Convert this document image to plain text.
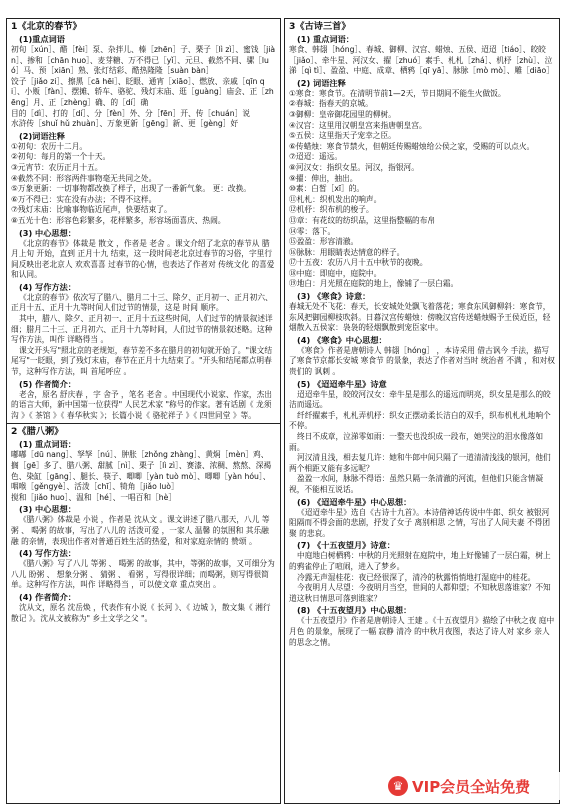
1《北京的春节》
(1)重点词语

初旬［xún］、醋［fèi］泵、杂拌儿、榛［zhēn］子、栗子［lì zì］、蜜饯［jiàn］、掺和［chān huo］、麦芽糖、万不得已［yǐ］、元旦、截然不同、骡［luó］马、预［xiān］熟、张灯结彩、酷热隆隆［suàn bàn］

饺子［jiǎo zi］、擦黑［cā hēi］、眨眼、通宵［xiāo］、燃放、亲戚［qīn qi］、小贩［fàn］、摆摊、轿车、骆驼、残灯末庙、逛［guàng］庙会、正［zhēng］月、正［zhèng］确、的［dí］确

目的［dì］、打的［dí］、分［fèn］外、分［fēn］开、传［chuán］说

水浒传［shuǐ hǔ zhuàn］、万象更新［gēng］新、更［gèng］好

(2)词语注释

①初旬：农历十二月。

②初旬：每月的第一个十天。

③元宵节：农历正月十五。

④截然不同：形容两件事物毫无共同之处。

⑤万象更新：一切事物都改换了样子，出现了一番新气象。 更：改换。

⑥万不得已：实在没有办法；不得不这样。

⑦残灯末庙：比喻事物临近尾声，快要结束了。

⑧五光十色：形容色彩繁多，花样繁多，形容场面喜庆、热闹。

(3) 中心思想：

《北京的春节》体裁是 散文 ，作者是 老舍 。课文介绍了北京的春节从 腊月上旬 开始，直到 正月十九 结束，这一段时间老北京过春节的习俗，字里行间反映出老北京人 欢欢喜喜 过春节的心情，也表达了作者对 传统文化 的喜爱和认同。

(4) 写作方法：

《北京的春节》依次写了腊八、腊月二十三、除夕、正月初一、正月初六、正月十五、正月十九等时间人们过节的情景，这是 时间 顺序。

其中，腊八、除夕、正月初一、正月十五这些时间，人们过节的情景叙述详细；腊月二十三、正月初六、正月十九等时间，人们过节的情景叙述略。这种写作方法，叫作 详略得当 。

课文开头写"照北京的老规矩，春节差不多在腊月的初旬就开始了。"课文结尾写"一眨眼，到了残灯末庙，春节在正月十九结束了。"开头和结尾都点明春节，这种写作方法，叫 首尾呼应 。

(5) 作者简介：

老舍，原名 舒庆春 ，字 舍予 ，笔名 老舍 。中国现代小说家、作家，杰出的语言大师，新中国第一位获得" 人民艺术家 "称号的作家。著有话剧《 龙须沟 》《 茶馆 》《 春华秋实 》；长篇小说《 骆驼祥子 》《 四世同堂 》等。

2《腊八粥》
(1) 重点词语：

嘟嘟［dū nang］、孥孥［nú］、肿胀［zhǒng zhàng］、黄焖［mèn］鸡、

搁［gē］多了、腊八粥、甜腻［nì］、栗子［lì zì］、赛漆、浓稠、熬熬、深褐色、染缸［gāng］、腿长、筷子、唧唧［yàn tuò mò］、唧唧［yàn hóu］、咽喉［gěngyè］、活泼［chī］、犄角［jiǎo luò］

搅和［jiǎo huo］、温和［hé］、一唱百和［hè］

(3) 中心思想：

《腊八粥》体裁是 小说 ，作者是 沈从文 。课文讲述了腊八那天，八儿 等粥 、 喝粥 的故事，写出了八儿的 活泼可爱 ，一家人 温馨 的氛围和 其乐融融 的亲情，表现出作者对普通百姓生活的热爱，和对家庭亲情的 赞颂 。

(4) 写作方法：

《腊八粥》写了八儿 等粥 、 喝粥 的故事，其中，等粥的故事，又可细分为八儿 盼粥 、 想象分粥 、 猜粥 、 看粥 ，写得很详细；而喝粥，则写得很简单。这种写作方法，叫作 详略得当 ，可以使文章 重点突出 。

(4) 作者简介：

沈从文，原名 沈岳焕 ，代表作有小说《 长河 》、《 边城 》，散文集《 湘行散记 》。沈从文被称为" 乡土文学之父 "。

3《古诗三首》
(1) 重点词语：

寒食、韩翃［hóng］、春城、御柳、汉宫、蜡烛、五侯、迢迢［tiáo］、皎皎［jiǎo］、牵牛星、河汉女、擢［zhuó］素手、札札［zhá］、机杼［zhù］、泣涕［qì tì］、盈盈、中庭、成章、栖鸦［qī yā］、脉脉［mò mò］、雕［diāo］

(2) 词语注释

①寒食：寒食节。在清明节前1—2天，节日期间不能生火做饭。

②春城：指春天的京城。

③御柳：皇帝御花园里的柳树。

④汉宫：这里用汉朝皇宫来指唐朝皇宫。

⑤五侯：这里指天子宠幸之臣。

⑥传蜡烛：寒食节禁火，但朝廷传赐蜡烛给公侯之家，受赐的可以点火。

⑦迢迢：遥远。

⑧河汉女：指织女星。河汉，指银河。

⑨擢：伸出，抽出。

⑩素：白皙［xī］的。

⑪札札：织机发出的响声。

⑫机杼：织布机的梭子。

⑬章：有花纹的纺织品，这里指整幅的布帛

⑭零：落下。

⑮盈盈：形容清澈。

⑯脉脉：用眼睛表达情意的样子。

⑰十五夜：农历八月十五中秋节的夜晚。

⑱中庭：即庭中，庭院中。

⑲地白：月光照在庭院的地上，像铺了一层白霜。

(3) 《寒食》诗意：

春城无处不飞花：春天，长安城处处飘飞着落花；寒食东风御柳斜：寒食节，东风把御园柳枝吹斜。日暮汉宫传蜡烛：傍晚汉宫传送蜡烛赐予王侯近臣，轻烟散入五侯家：袅袅的轻烟飘散到宠臣家中。

(4) 《寒食》中心思想：

《寒食》作者是唐朝诗人 韩翃［hóng］ ，本诗采用 借古讽今 手法，描写了寒食节京都长安城 寒食节 的景象，表达了作者对当时 统治者 不满 ，和对权贵们的 讽刺 。

(5) 《迢迢牵牛星》诗意

迢迢牵牛星，皎皎河汉女：牵牛星是那么的遥远而明亮，织女星是那么的皎洁而遥远。

纤纤擢素手，札札弄机杼：织女正摆动柔长洁白的双手，织布机札札地响个不停。

终日不成章，泣涕零如雨：一整天也没织成一段布，她哭泣的泪水像落如雨。

河汉清且浅，相去复几许：她和牛郎中间只隔了一道清清浅浅的银河，他们两个相距又能有多远呢？

盈盈一水间，脉脉不得语：虽然只隔一条清澈的河流，但他们只能含情凝视，不能相互说话。

(6) 《迢迢牵牛星》中心思想：

《迢迢牵牛星》选自《古诗十九首》。本诗借神话传说中牛郎、织女 被银河阻隔而不得会面的悲剧，抒发了女子 离别相思 之情，写出了人间夫妻 不得团聚 的悲哀。

(7) 《十五夜望月》诗意：

中庭地白树栖鸦：中秋的月光照射在庭院中，地上好像铺了一层白霜，树上的鸦雀停止了喧闹，进入了梦乡。

冷露无声湿桂花：夜已经很深了，清冷的秋露悄悄地打湿庭中的桂花。

今夜明月人尽望：今夜明月当空，世间的人都仰望；不知秋思落谁家？不知道这秋日情思可落到谁家？

(8) 《十五夜望月》中心思想：

《十五夜望月》作者是唐朝诗人 王建 。《十五夜望月》描绘了中秋之夜 庭中 月色 的景象，展现了一幅 寂静 清冷 的中秋月夜图，表达了诗人对 家乡 亲人 的思念之情。

♛ VIP会员全站免费
